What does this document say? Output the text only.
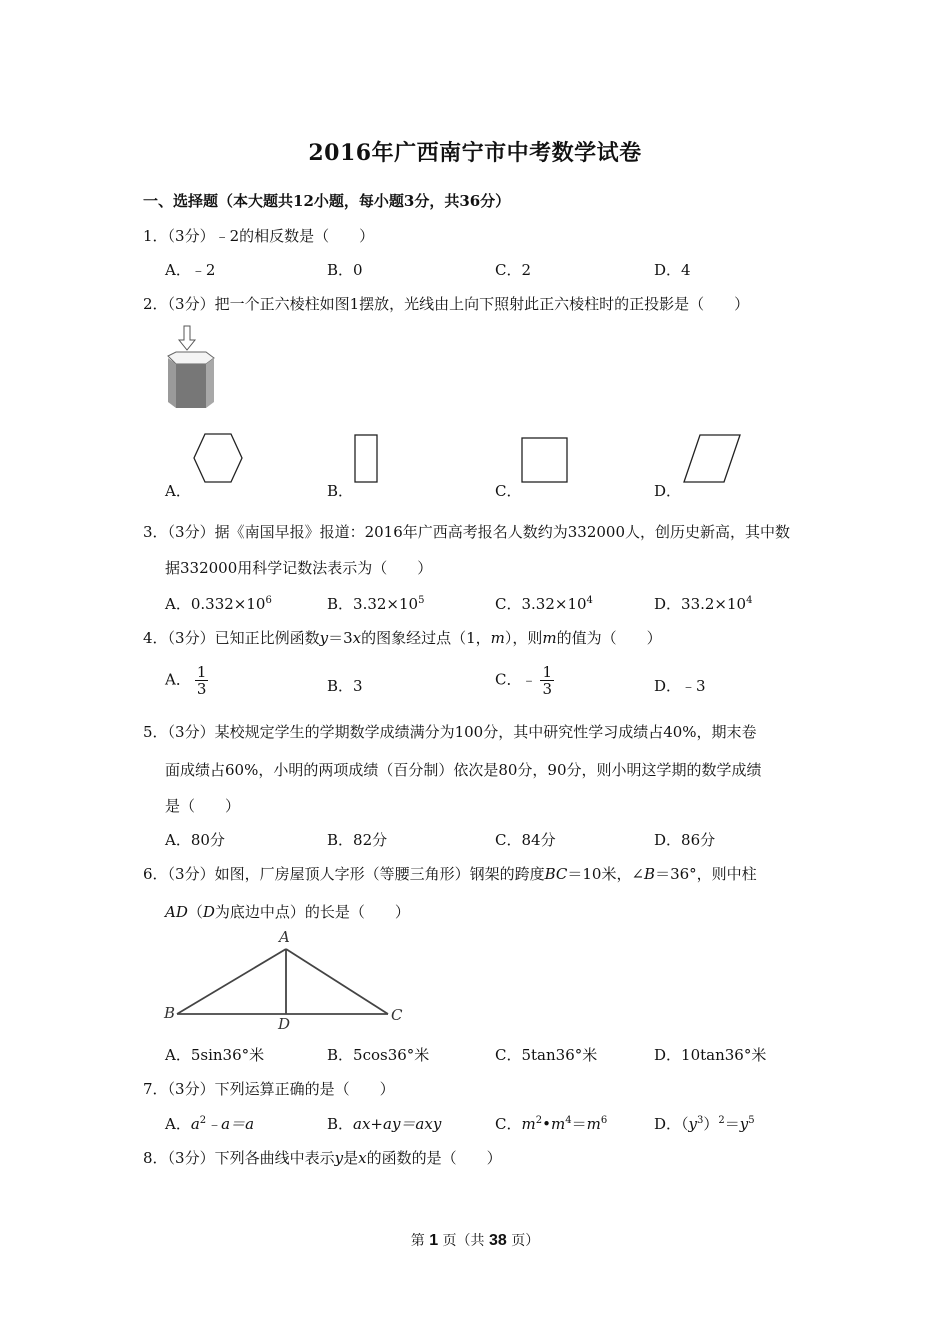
2016年广西南宁市中考数学试卷
一、选择题（本大题共12小题，每小题3分，共36分）
1．（3分）﹣2的相反数是（　　）
A．﹣2	B．0	C．2	D．4
2．（3分）把一个正六棱柱如图1摆放，光线由上向下照射此正六棱柱时的正投影是（　　）
A．	B．	C．	D．
3．（3分）据《南国早报》报道：2016年广西高考报名人数约为332000人，创历史新高，其中数
据332000用科学记数法表示为（　　）
A．$0.332\times 10^6$	B．$3.32\times 10^5$	C．$3.32\times 10^4$	D．$33.2\times 10^4$
4．（3分）已知正比例函数y＝3x的图象经过点（1，m），则m的值为（　　）
A． $\frac{1}{3}$	B．3	C．﹣ $\frac{1}{3}$	D．﹣3
5．（3分）某校规定学生的学期数学成绩满分为100分，其中研究性学习成绩占40%，期末卷
面成绩占60%，小明的两项成绩（百分制）依次是80分，90分，则小明这学期的数学成绩
是（　　）
A．80分	B．82分	C．84分	D．86分
6．（3分）如图，厂房屋顶人字形（等腰三角形）钢架的跨度BC＝10米，∠B＝36°，则中柱
AD（D为底边中点）的长是（　　）
A
B	C
D
A．5sin36°米	B．5cos36°米	C．5tan36°米	D．10tan36°米
7．（3分）下列运算正确的是（　　）
A．$a^2﹣a=a$	B．ax+ay＝axy	C．$m^2•m^4=m^6$	D．$(y^3)^2=y^5$
8．（3分）下列各曲线中表示y是x的函数的是（　　）
第 1 页（共 38 页）
